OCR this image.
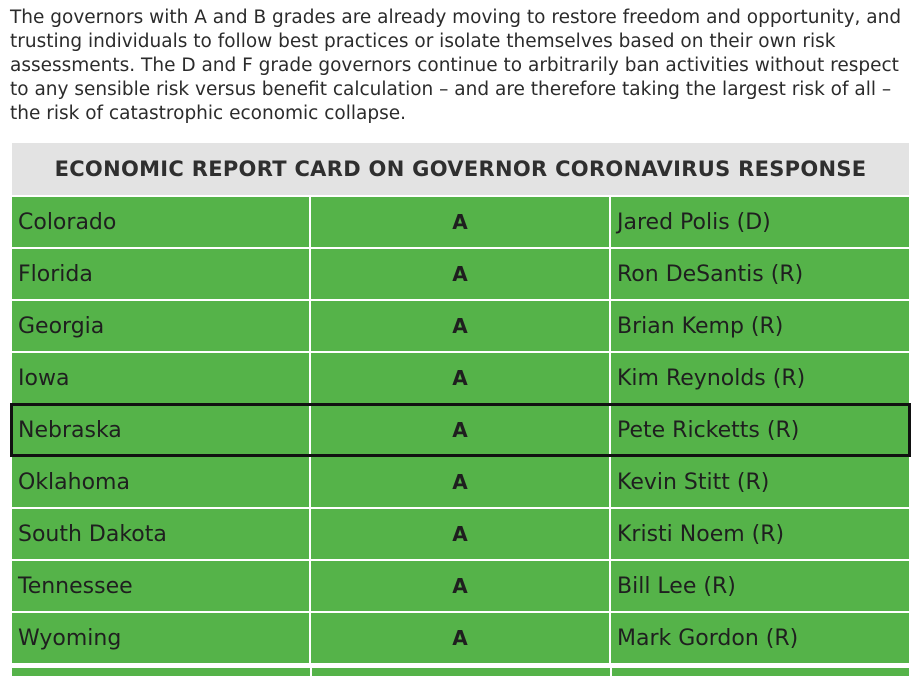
The governors with A and B grades are already moving to restore freedom and opportunity, and trusting individuals to follow best practices or isolate themselves based on their own risk assessments. The D and F grade governors continue to arbitrarily ban activities without respect to any sensible risk versus benefit calculation – and are therefore taking the largest risk of all – the risk of catastrophic economic collapse.

ECONOMIC REPORT CARD ON GOVERNOR CORONAVIRUS RESPONSE		
Colorado	A	Jared Polis (D)
Florida	A	Ron DeSantis (R)
Georgia	A	Brian Kemp (R)
Iowa	A	Kim Reynolds (R)
Nebraska	A	Pete Ricketts (R)
Oklahoma	A	Kevin Stitt (R)
South Dakota	A	Kristi Noem (R)
Tennessee	A	Bill Lee (R)
Wyoming	A	Mark Gordon (R)
